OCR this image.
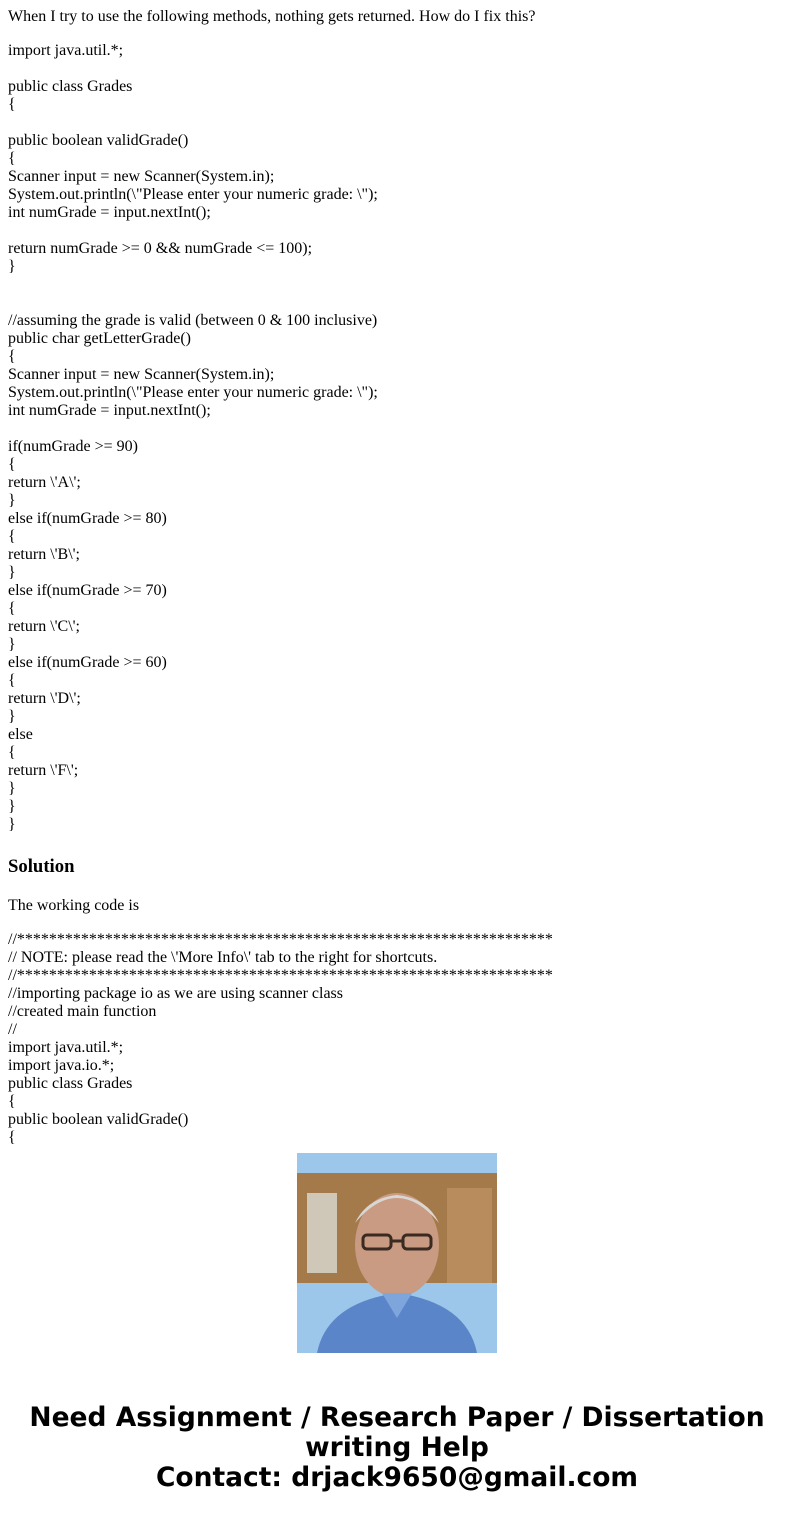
When I try to use the following methods, nothing gets returned. How do I fix this?
import java.util.*;
public class Grades
{
public boolean validGrade()
{
Scanner input = new Scanner(System.in);
System.out.println(\"Please enter your numeric grade: \");
int numGrade = input.nextInt();
return numGrade >= 0 && numGrade <= 100);
}
//assuming the grade is valid (between 0 & 100 inclusive)
public char getLetterGrade()
{
Scanner input = new Scanner(System.in);
System.out.println(\"Please enter your numeric grade: \");
int numGrade = input.nextInt();
if(numGrade >= 90)
{
return \'A\';
}
else if(numGrade >= 80)
{
return \'B\';
}
else if(numGrade >= 70)
{
return \'C\';
}
else if(numGrade >= 60)
{
return \'D\';
}
else
{
return \'F\';
}
}
}
Solution
The working code is
//*******************************************************************
// NOTE: please read the \'More Info\' tab to the right for shortcuts.
//*******************************************************************
//importing package io as we are using scanner class
//created main function
//
import java.util.*;
import java.io.*;
public class Grades
{
public boolean validGrade()
{
Need Assignment / Research Paper / Dissertation
writing Help
Contact: drjack9650@gmail.com
